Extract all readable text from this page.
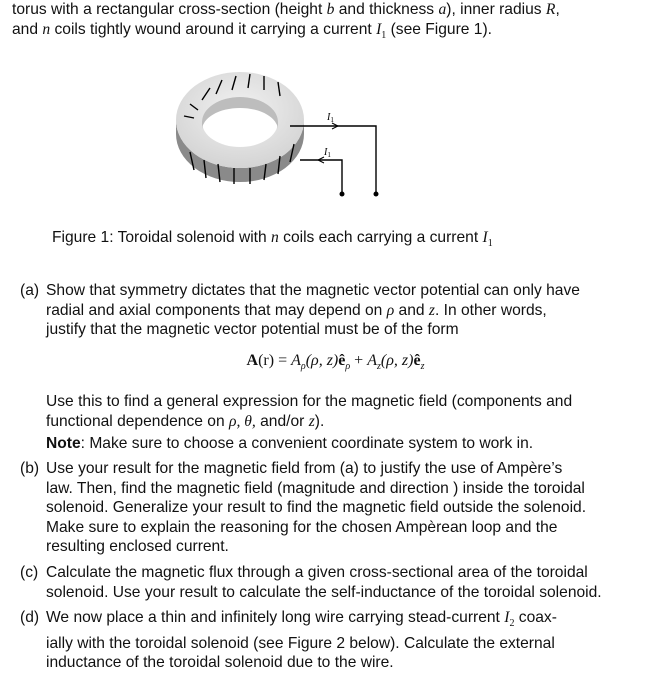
torus with a rectangular cross-section (height b and thickness a), inner radius R,
and n coils tightly wound around it carrying a current $I_1$ (see Figure 1).
$I_1$
$I_1$
Figure 1: Toroidal solenoid with n coils each carrying a current $I_1$
(a) Show that symmetry dictates that the magnetic vector potential can only have
radial and axial components that may depend on ρ and z. In other words,
justify that the magnetic vector potential must be of the form
$A(r) = A_\rho(\rho$, $z)ê_\rho + A_z(\rho$, $z)ê_z$
Use this to find a general expression for the magnetic field (components and
functional dependence on ρ, θ, and/or z).
Note: Make sure to choose a convenient coordinate system to work in.
(b) Use your result for the magnetic field from (a) to justify the use of Ampère’s
law. Then, find the magnetic field (magnitude and direction ) inside the toroidal
solenoid. Generalize your result to find the magnetic field outside the solenoid.
Make sure to explain the reasoning for the chosen Ampèrean loop and the
resulting enclosed current.
(c) Calculate the magnetic flux through a given cross-sectional area of the toroidal
solenoid. Use your result to calculate the self-inductance of the toroidal solenoid.
(d) We now place a thin and infinitely long wire carrying stead-current $I_2$ coax-
ially with the toroidal solenoid (see Figure 2 below). Calculate the external
inductance of the toroidal solenoid due to the wire.
